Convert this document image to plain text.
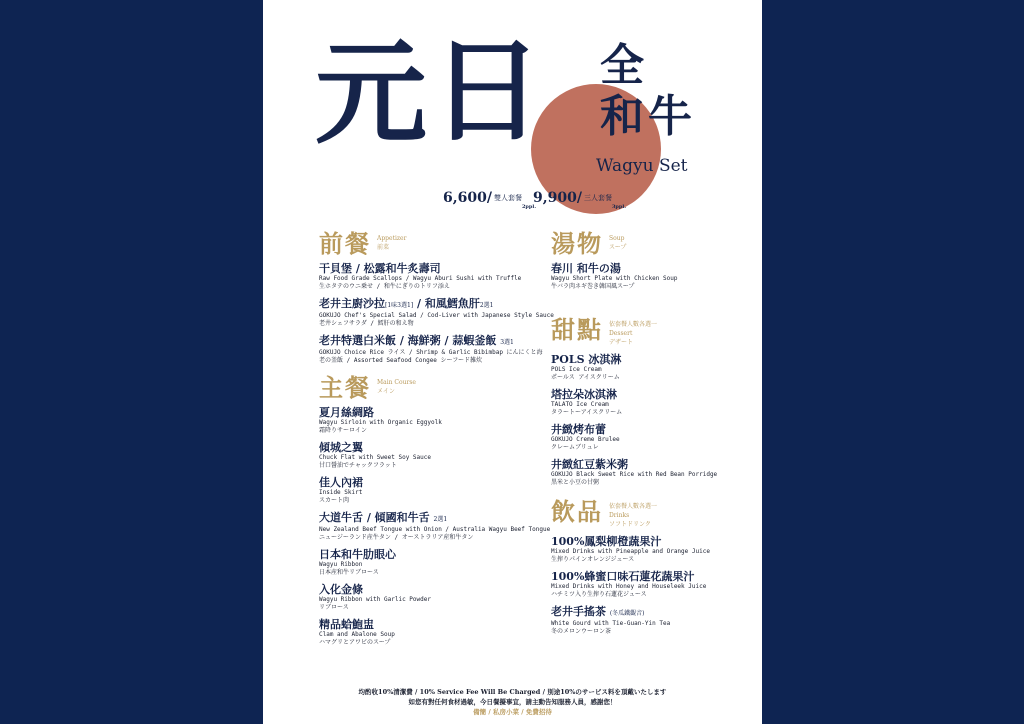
元 日 全
和 牛
Wagyu Set
6,600/ 雙人套餐2ppl.
9,900/ 三人套餐3ppl.
前餐 Appetizer
前菜
干貝堡 / 松露和牛炙壽司
Raw Food Grade Scallops / Wagyu Aburi Sushi with Truffle
生ホタテのウニ乗せ / 和牛にぎりのトリフ添え
老井主廚沙拉[1味3選1] / 和風鱈魚肝2選1
GOKUJO Chef's Special Salad / Cod-Liver with Japanese Style Sauce
老井シェフサラダ / 鱈肝の和え物
老井特選白米飯 / 海鮮粥 / 蒜蝦釜飯 3選1
GOKUJO Choice Rice ライス / Shrimp & Garlic Bibimbap にんにくと海
老の釜飯 / Assorted Seafood Congee シーフード雑炊
主餐 Main Course
メイン
夏月絲綢路
Wagyu Sirloin with Organic Eggyolk
霜降りサーロイン
傾城之翼
Chuck Flat with Sweet Soy Sauce
甘口醤油でチャックフラット
佳人內裙
Inside Skirt
スカート肉
大道牛舌 / 傾國和牛舌 2選1
New Zealand Beef Tongue with Onion / Australia Wagyu Beef Tongue
ニュージーランド産牛タン / オーストラリア産和牛タン
日本和牛肋眼心
Wagyu Ribbon
日本産和牛リブロース
入化金條
Wagyu Ribbon with Garlic Powder
リブロース
精品蛤鮑盅
Clam and Abalone Soup
ハマグリとアワビのスープ
湯物 Soup
スープ
春川 和牛の湯
Wagyu Short Plate with Chicken Soup
牛バラ肉ネギ巻き韓国風スープ
甜點 依套餐人數各選一
Dessert
デザート
POLS 冰淇淋
POLS Ice Cream
ポールス アイスクリーム
塔拉朵冰淇淋
TALATO Ice Cream
タラートーアイスクリーム
井緻烤布蕾
GOKUJO Creme Brulee
クレームブリュレ
井緻紅豆紫米粥
GOKUJO Black Sweet Rice with Red Bean Porridge
黒米と小豆の甘粥
飲品 依套餐人數各選一
Drinks
ソフトドリンク
100%鳳梨柳橙蔬果汁
Mixed Drinks with Pineapple and Orange Juice
生搾りパインオレンジジュース
100%蜂蜜口味石蓮花蔬果汁
Mixed Drinks with Honey and Houseleek Juice
ハチミツ入り生搾り石蓮花ジュース
老井手搖茶 (冬瓜鐵觀音)
White Gourd with Tie-Guan-Yin Tea
冬のメロンウーロン茶
均酌收10%清潔費 / 10% Service Fee Will Be Charged / 別途10%のサービス料を頂戴いたします
如您有對任何食材過敏，今日餐擬事宜，請主動告知服務人員，感謝您！
備簡 / 私房小菜 / 免費招待
